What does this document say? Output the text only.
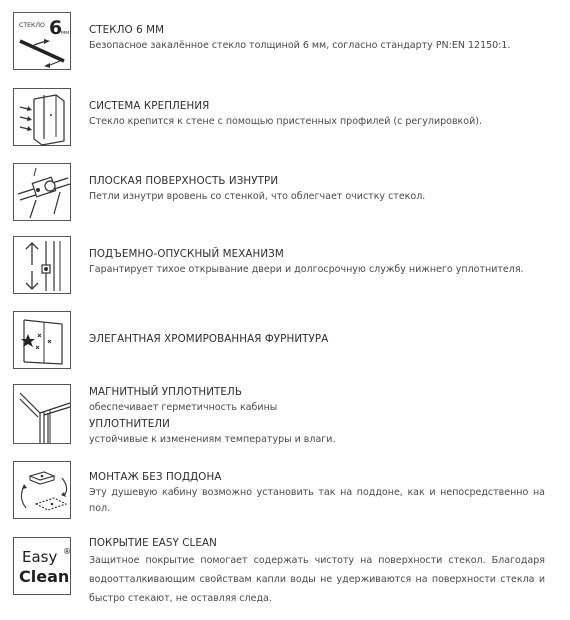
СТЕКЛО 6
мм СТЕКЛО 6 ММ
Безопасное закалённое стекло толщиной 6 мм, согласно стандарту PN:EN 12150:1.
СИСТЕМА КРЕПЛЕНИЯ
Стекло крепится к стене с помощью пристенных профилей (с регулировкой).
ПЛОСКАЯ ПОВЕРХНОСТЬ ИЗНУТРИ
Петли изнутри вровень со стенкой, что облегчает очистку стекол.
ПОДЪЕМНО-ОПУСКНЫЙ МЕХАНИЗМ
Гарантирует тихое открывание двери и долгосрочную службу нижнего уплотнителя.
ЭЛЕГАНТНАЯ ХРОМИРОВАННАЯ ФУРНИТУРА
МАГНИТНЫЙ УПЛОТНИТЕЛЬ
обеспечивает герметичность кабины
УПЛОТНИТЕЛИ
устойчивые к изменениям температуры и влаги.
МОНТАЖ БЕЗ ПОДДОНА
Эту душевую кабину возможно установить так на поддоне, как и непосредственно на пол.
Easy ®
Clean
ПОКРЫТИЕ EASY CLEAN
Защитное покрытие помогает содержать чистоту на поверхности стекол. Благодаря водоотталкивающим свойствам капли воды не удерживаются на поверхности стекла и быстро стекают, не оставляя следа.
